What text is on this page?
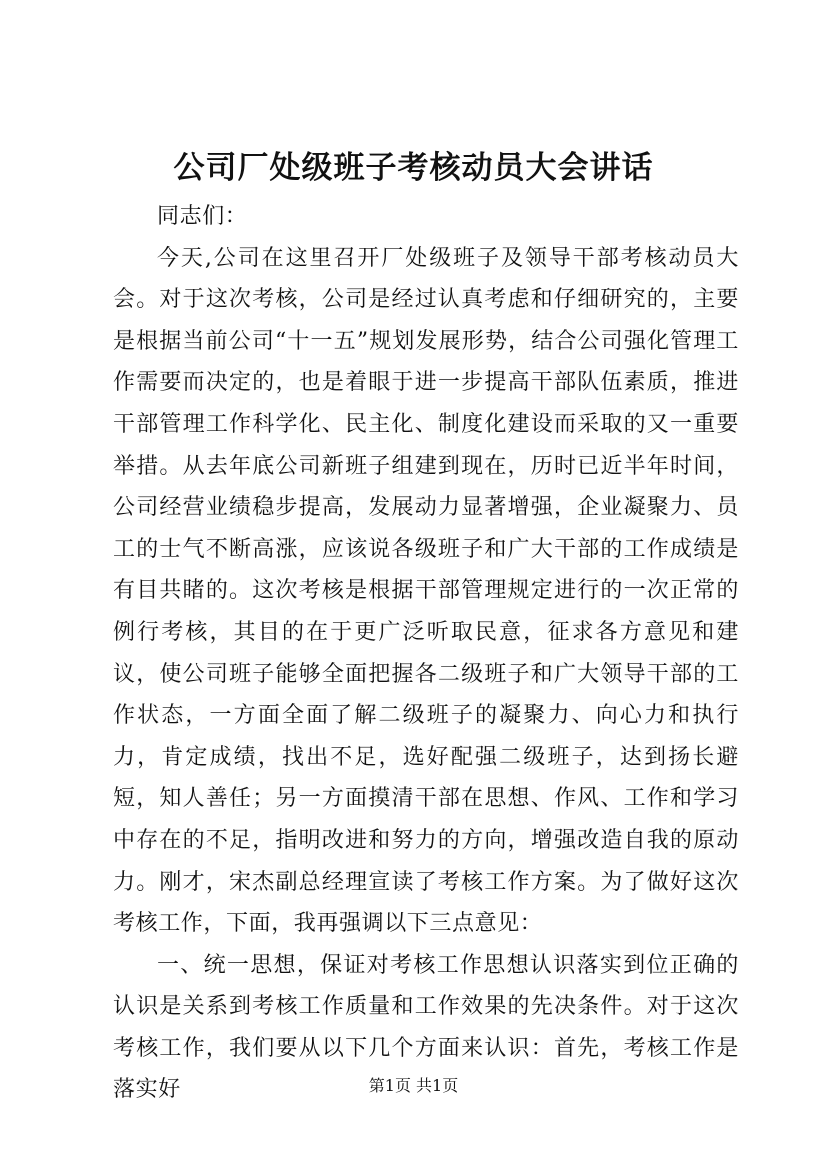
公司厂处级班子考核动员大会讲话

同志们：

今天,公司在这里召开厂处级班子及领导干部考核动员大会。对于这次考核，公司是经过认真考虑和仔细研究的，主要是根据当前公司“十一五”规划发展形势，结合公司强化管理工作需要而决定的，也是着眼于进一步提高干部队伍素质，推进干部管理工作科学化、民主化、制度化建设而采取的又一重要举措。从去年底公司新班子组建到现在，历时已近半年时间，公司经营业绩稳步提高，发展动力显著增强，企业凝聚力、员工的士气不断高涨，应该说各级班子和广大干部的工作成绩是有目共睹的。这次考核是根据干部管理规定进行的一次正常的例行考核，其目的在于更广泛听取民意，征求各方意见和建议，使公司班子能够全面把握各二级班子和广大领导干部的工作状态，一方面全面了解二级班子的凝聚力、向心力和执行力，肯定成绩，找出不足，选好配强二级班子，达到扬长避短，知人善任；另一方面摸清干部在思想、作风、工作和学习中存在的不足，指明改进和努力的方向，增强改造自我的原动力。刚才，宋杰副总经理宣读了考核工作方案。为了做好这次考核工作，下面，我再强调以下三点意见：

一、统一思想，保证对考核工作思想认识落实到位正确的认识是关系到考核工作质量和工作效果的先决条件。对于这次考核工作，我们要从以下几个方面来认识：首先，考核工作是落实好	第1页 共1页
